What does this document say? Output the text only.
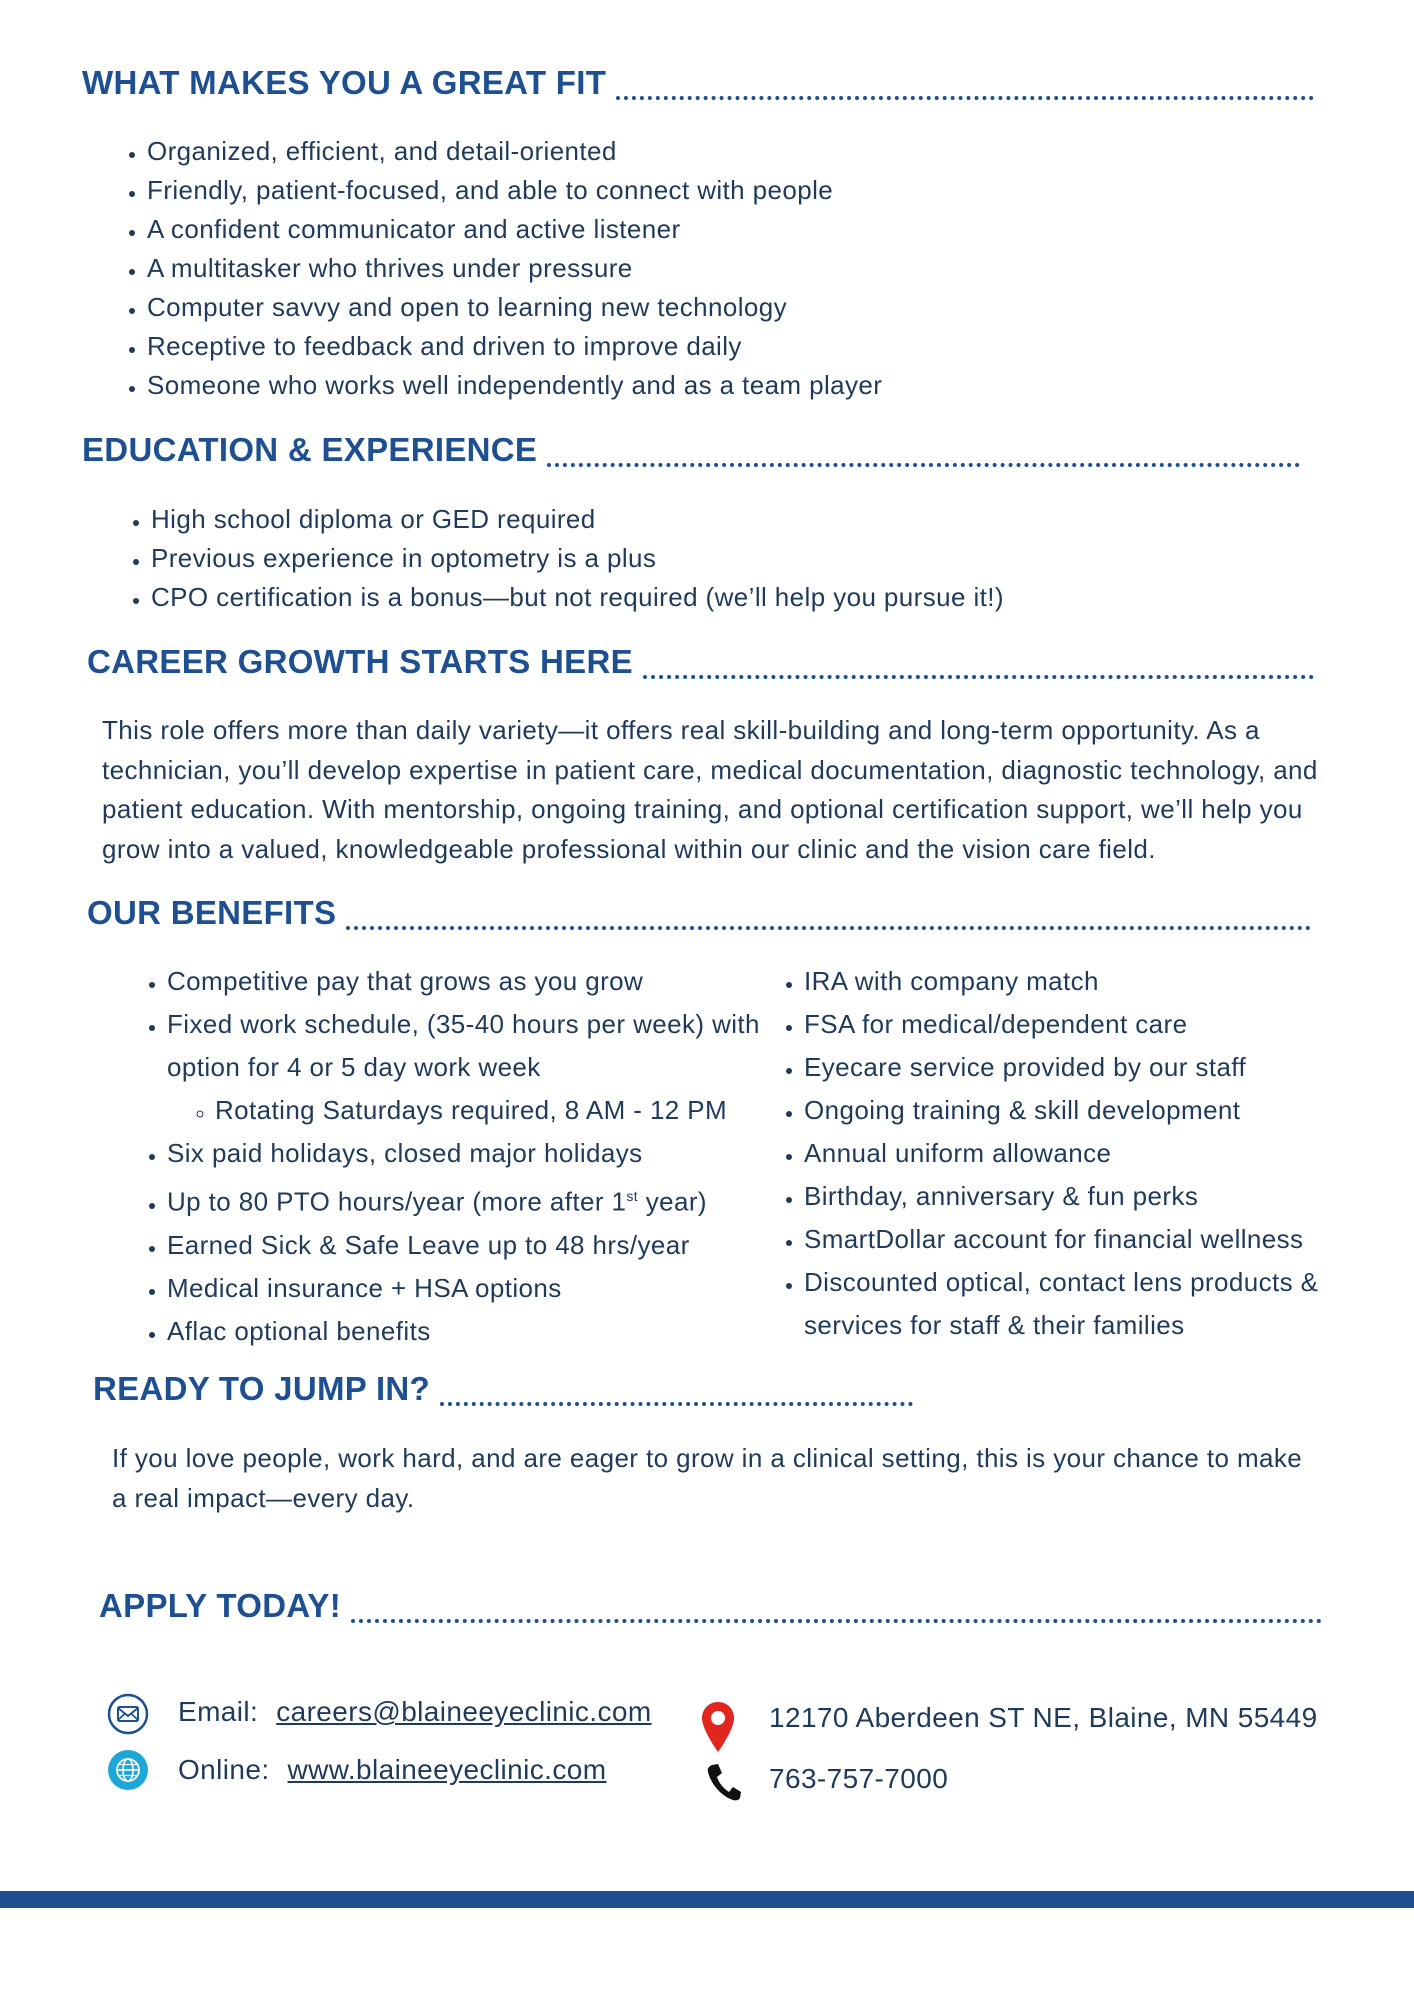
WHAT MAKES YOU A GREAT FIT
• Organized, efficient, and detail-oriented
• Friendly, patient-focused, and able to connect with people
• A confident communicator and active listener
• A multitasker who thrives under pressure
• Computer savvy and open to learning new technology
• Receptive to feedback and driven to improve daily
• Someone who works well independently and as a team player
EDUCATION & EXPERIENCE
• High school diploma or GED required
• Previous experience in optometry is a plus
• CPO certification is a bonus—but not required (we’ll help you pursue it!)
CAREER GROWTH STARTS HERE

This role offers more than daily variety—it offers real skill-building and long-term opportunity. As a technician, you’ll develop expertise in patient care, medical documentation, diagnostic technology, and patient education. With mentorship, ongoing training, and optional certification support, we’ll help you grow into a valued, knowledgeable professional within our clinic and the vision care field.

OUR BENEFITS
• Competitive pay that grows as you grow
• Fixed work schedule, (35-40 hours per week) with option for 4 or 5 day work week
◦ Rotating Saturdays required, 8 AM - 12 PM
• Six paid holidays, closed major holidays
• Up to 80 PTO hours/year (more after 1st year)
• Earned Sick & Safe Leave up to 48 hrs/year
• Medical insurance + HSA options
• Aflac optional benefits
• IRA with company match
• FSA for medical/dependent care
• Eyecare service provided by our staff
• Ongoing training & skill development
• Annual uniform allowance
• Birthday, anniversary & fun perks
• SmartDollar account for financial wellness
• Discounted optical, contact lens products & services for staff & their families
READY TO JUMP IN?

If you love people, work hard, and are eager to grow in a clinical setting, this is your chance to make a real impact—every day.

APPLY TODAY!
Email: careers@blaineeyeclinic.com
Online: www.blaineeyeclinic.com
12170 Aberdeen ST NE, Blaine, MN 55449
763-757-7000
